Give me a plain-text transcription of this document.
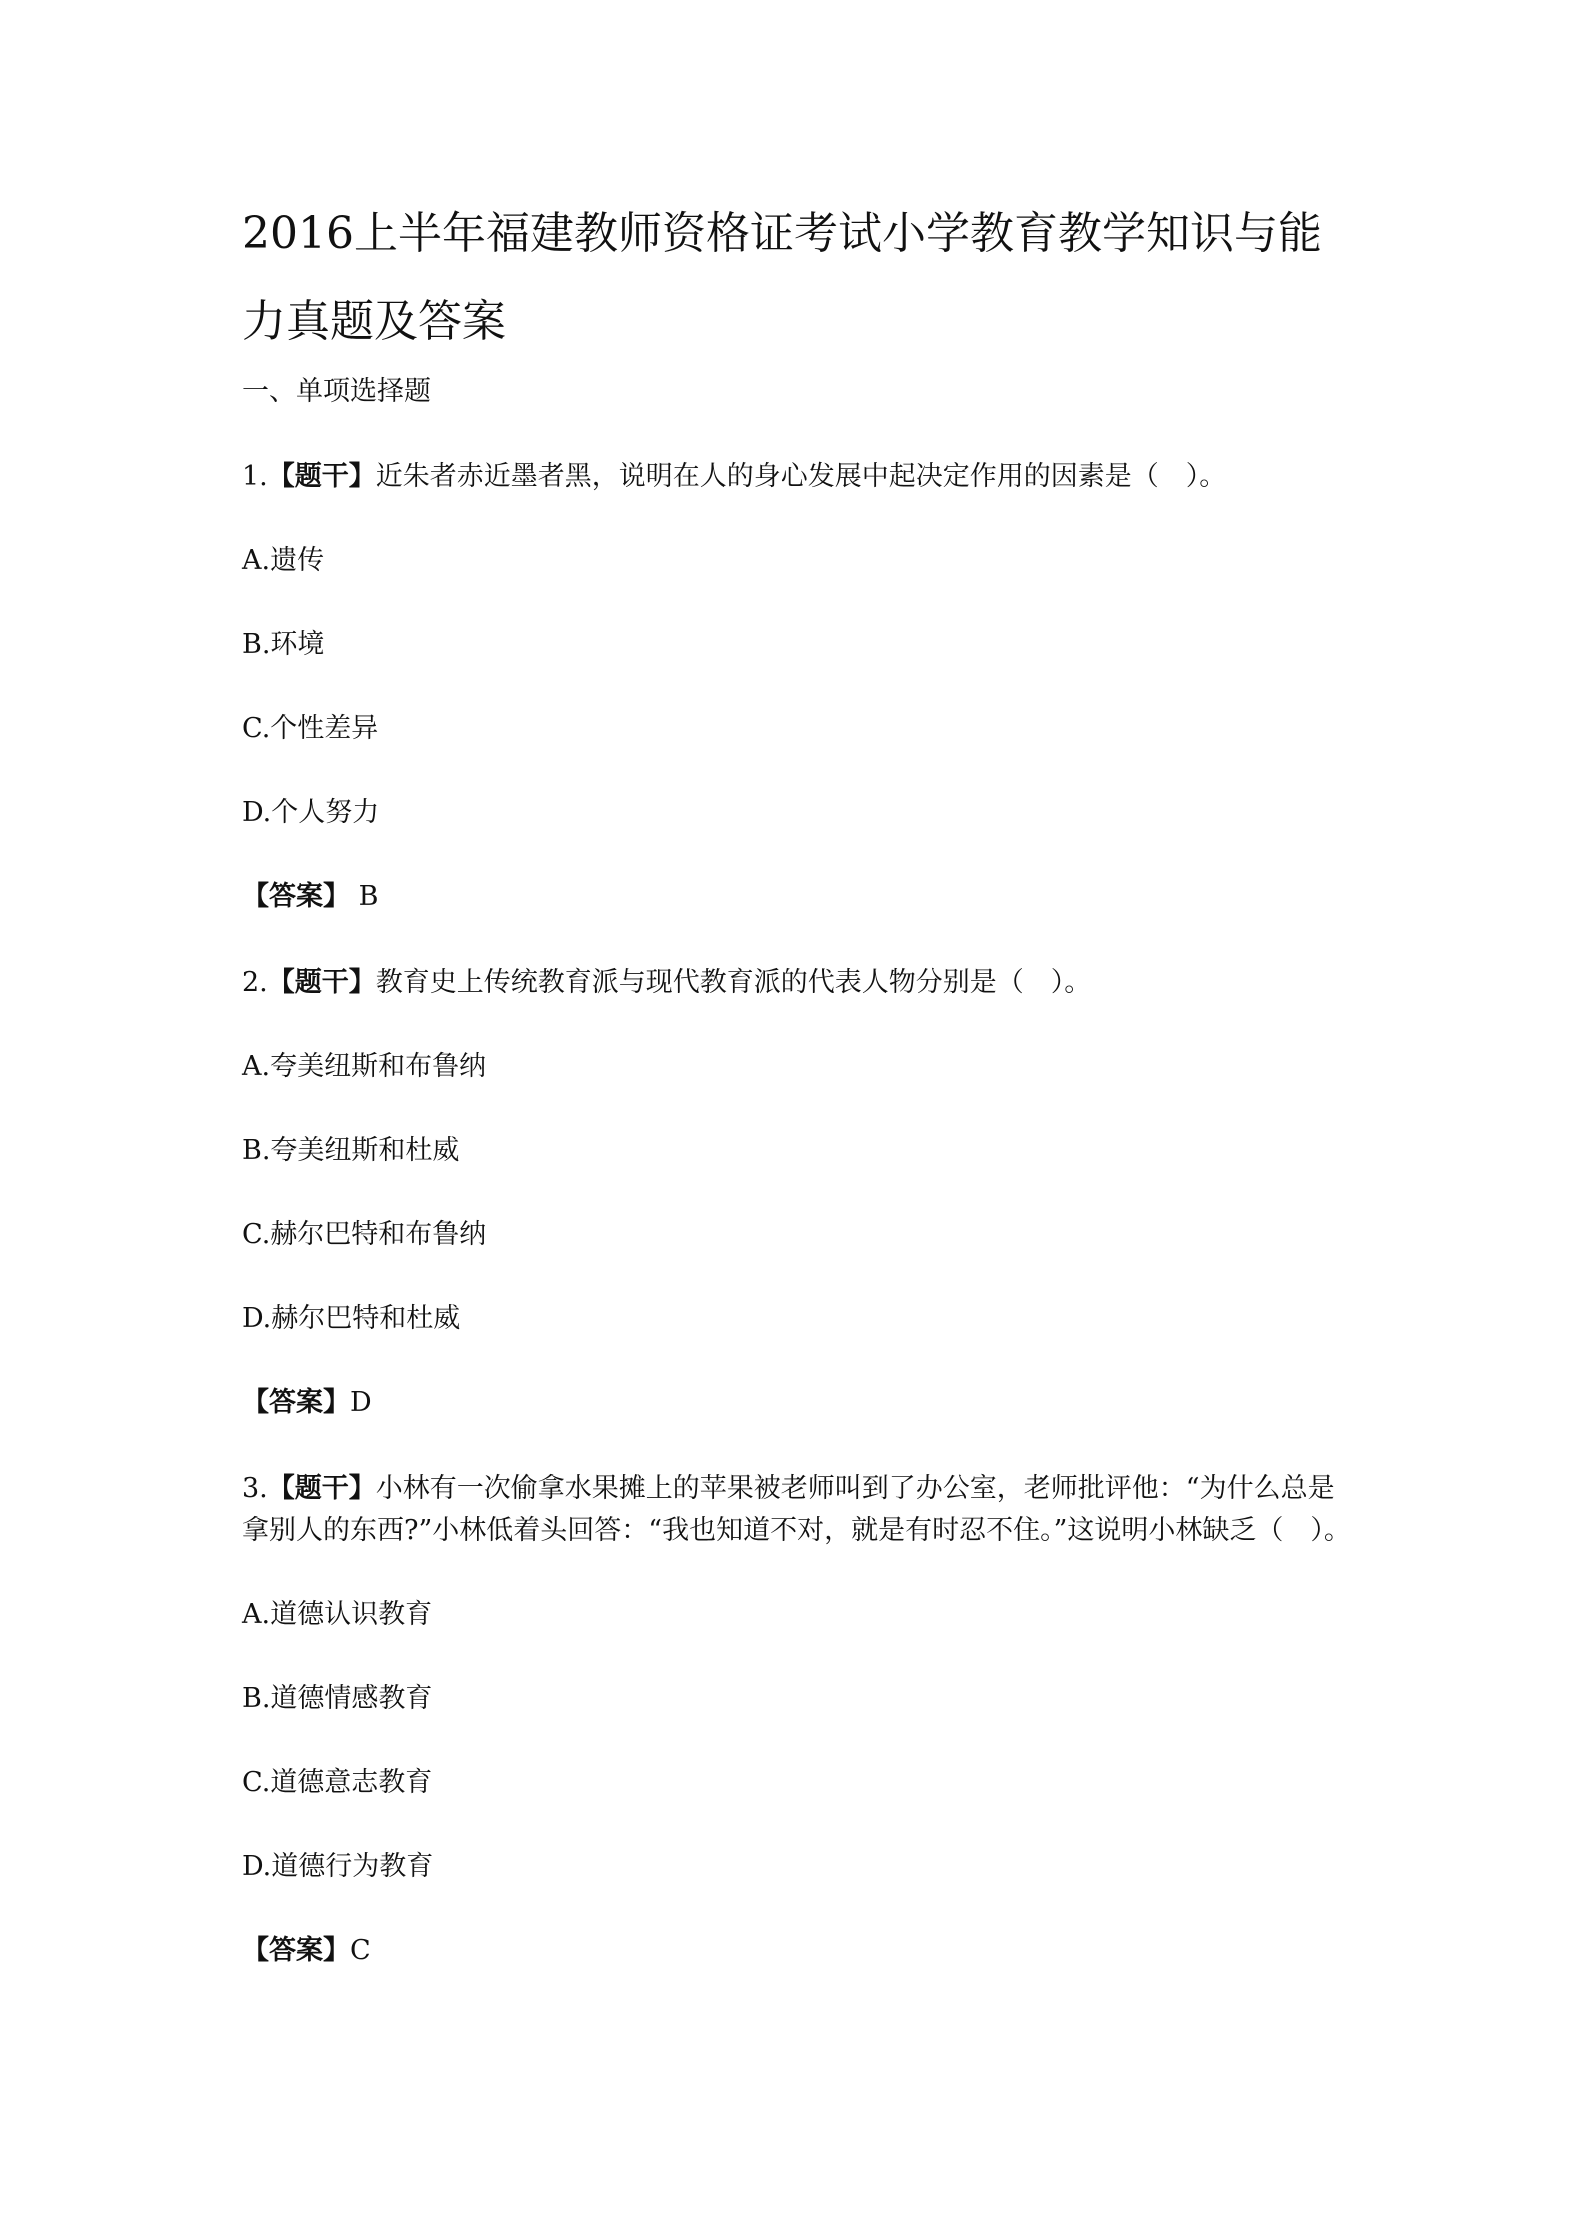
2016上半年福建教师资格证考试小学教育教学知识与能力真题及答案
一、单项选择题

1.【题干】近朱者赤近墨者黑，说明在人的身心发展中起决定作用的因素是（　）。

A.遗传
B.环境
C.个性差异
D.个人努力
【答案】 B

2.【题干】教育史上传统教育派与现代教育派的代表人物分别是（　）。

A.夸美纽斯和布鲁纳
B.夸美纽斯和杜威
C.赫尔巴特和布鲁纳
D.赫尔巴特和杜威
【答案】D

3.【题干】小林有一次偷拿水果摊上的苹果被老师叫到了办公室，老师批评他：“为什么总是拿别人的东西?”小林低着头回答：“我也知道不对，就是有时忍不住。”这说明小林缺乏（　）。

A.道德认识教育
B.道德情感教育
C.道德意志教育
D.道德行为教育
【答案】C
